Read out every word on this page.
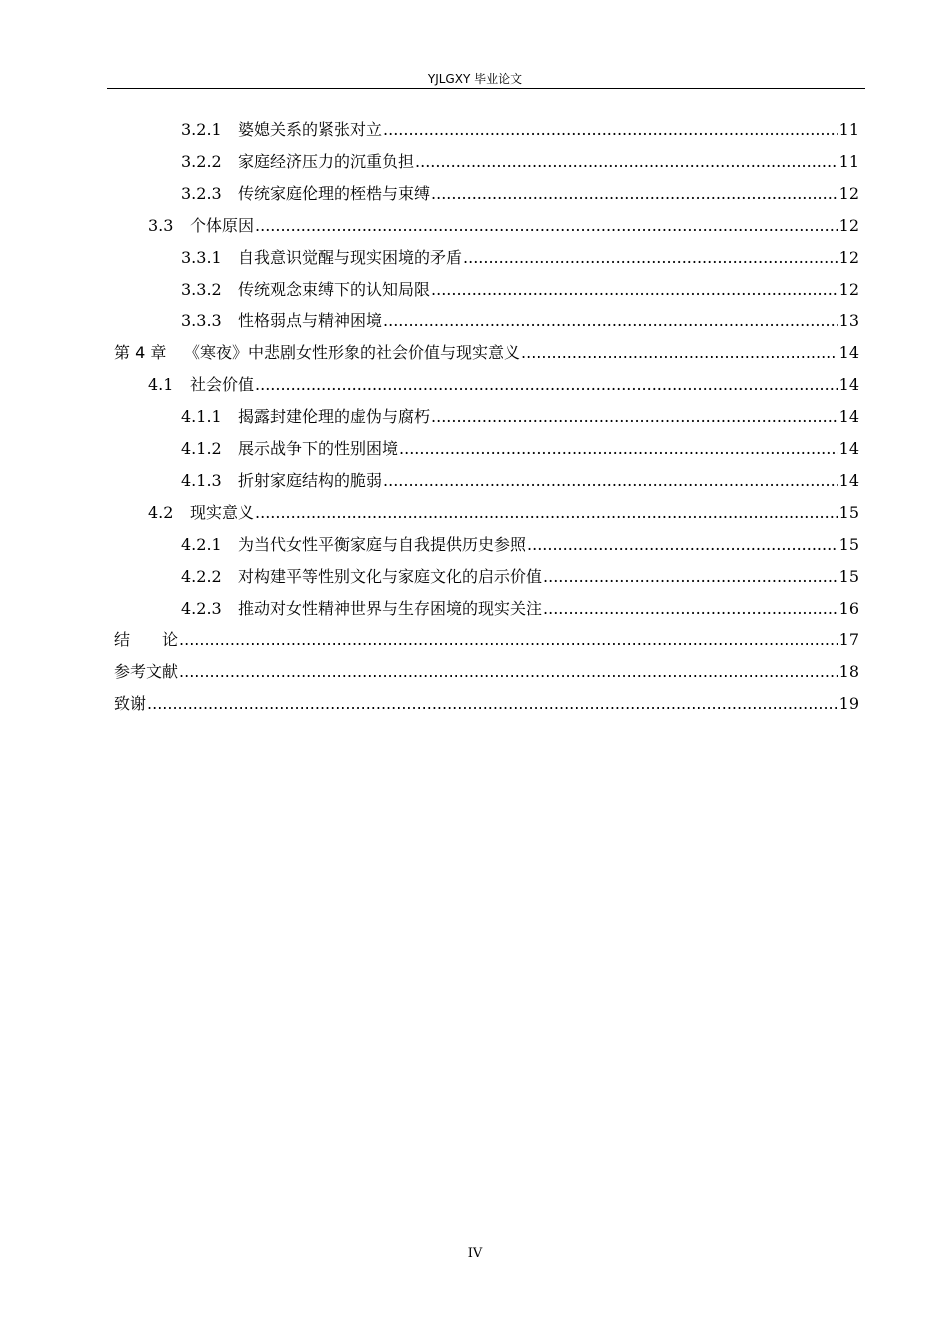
YJLGXY 毕业论文
3.2.1	婆媳关系的紧张对立 .....	11
3.2.2	家庭经济压力的沉重负担 .....	11
3.2.3	传统家庭伦理的桎梏与束缚 .....	12
3.3	个体原因 .....	12
3.3.1	自我意识觉醒与现实困境的矛盾 .....	12
3.3.2	传统观念束缚下的认知局限 .....	12
3.3.3	性格弱点与精神困境 .....	13
第 4 章	《寒夜》中悲剧女性形象的社会价值与现实意义 .....	14
4.1	社会价值 .....	14
4.1.1	揭露封建伦理的虚伪与腐朽 .....	14
4.1.2	展示战争下的性别困境 .....	14
4.1.3	折射家庭结构的脆弱 .....	14
4.2	现实意义 .....	15
4.2.1	为当代女性平衡家庭与自我提供历史参照 .....	15
4.2.2	对构建平等性别文化与家庭文化的启示价值 .....	15
4.2.3	推动对女性精神世界与生存困境的现实关注 .....	16
结　　论 .....	17
参考文献 .....	18
致谢 .....	19
IV
